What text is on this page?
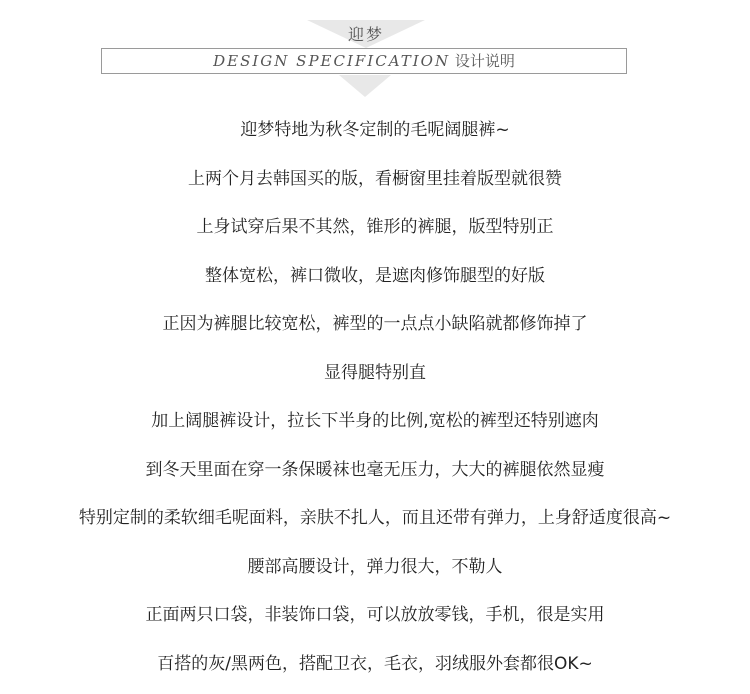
迎梦
DESIGN SPECIFICATION 设计说明
迎梦特地为秋冬定制的毛呢阔腿裤~
上两个月去韩国买的版，看橱窗里挂着版型就很赞
上身试穿后果不其然，锥形的裤腿，版型特别正
整体宽松，裤口微收，是遮肉修饰腿型的好版
正因为裤腿比较宽松，裤型的一点点小缺陷就都修饰掉了
显得腿特别直
加上阔腿裤设计，拉长下半身的比例,宽松的裤型还特别遮肉
到冬天里面在穿一条保暖袜也毫无压力，大大的裤腿依然显瘦
特别定制的柔软细毛呢面料，亲肤不扎人，而且还带有弹力，上身舒适度很高~
腰部高腰设计，弹力很大，不勒人
正面两只口袋，非装饰口袋，可以放放零钱，手机，很是实用
百搭的灰/黑两色，搭配卫衣，毛衣，羽绒服外套都很OK~
